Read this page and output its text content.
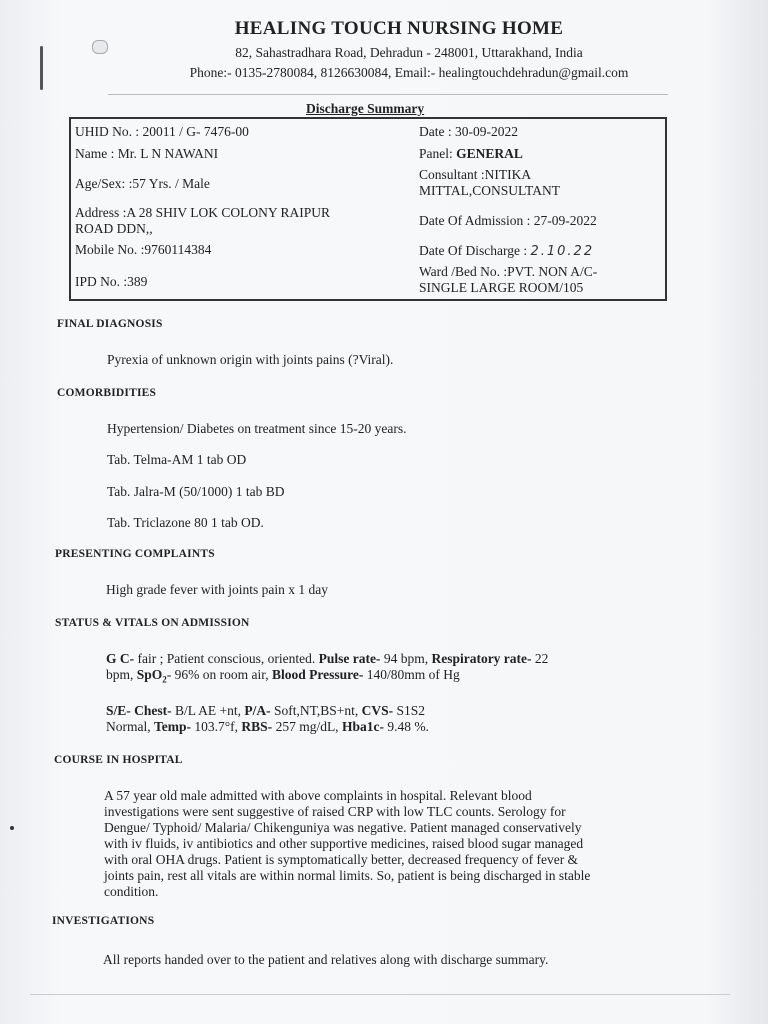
HEALING TOUCH NURSING HOME
82, Sahastradhara Road, Dehradun - 248001, Uttarakhand, India
Phone:- 0135-2780084, 8126630084, Email:- healingtouchdehradun@gmail.com
Discharge Summary
UHID No. : 20011 / G- 7476-00
Name : Mr. L N NAWANI
Age/Sex: :57 Yrs. / Male
Address :A 28 SHIV LOK COLONY RAIPUR
ROAD DDN,,
Mobile No. :9760114384
IPD No. :389
Date : 30-09-2022
Panel: GENERAL
Consultant :NITIKA
MITTAL,CONSULTANT
Date Of Admission : 27-09-2022
Date Of Discharge : 2.10.22
Ward /Bed No. :PVT. NON A/C-
SINGLE LARGE ROOM/105
FINAL DIAGNOSIS
Pyrexia of unknown origin with joints pains (?Viral).
COMORBIDITIES
Hypertension/ Diabetes on treatment since 15-20 years.
Tab. Telma-AM 1 tab OD
Tab. Jalra-M (50/1000) 1 tab BD
Tab. Triclazone 80 1 tab OD.
PRESENTING COMPLAINTS
High grade fever with joints pain x 1 day
STATUS & VITALS ON ADMISSION
G C- fair ; Patient conscious, oriented. Pulse rate- 94 bpm, Respiratory rate- 22
bpm, SpO$_2$- 96% on room air, Blood Pressure- 140/80mm of Hg
S/E- Chest- B/L AE +nt, P/A- Soft,NT,BS+nt, CVS- S1S2
Normal, Temp- 103.7°f, RBS- 257 mg/dL, Hba1c- 9.48 %.
COURSE IN HOSPITAL
A 57 year old male admitted with above complaints in hospital. Relevant blood
investigations were sent suggestive of raised CRP with low TLC counts. Serology for
Dengue/ Typhoid/ Malaria/ Chikenguniya was negative. Patient managed conservatively
with iv fluids, iv antibiotics and other supportive medicines, raised blood sugar managed
with oral OHA drugs. Patient is symptomatically better, decreased frequency of fever &
joints pain, rest all vitals are within normal limits. So, patient is being discharged in stable
condition.
INVESTIGATIONS
All reports handed over to the patient and relatives along with discharge summary.
